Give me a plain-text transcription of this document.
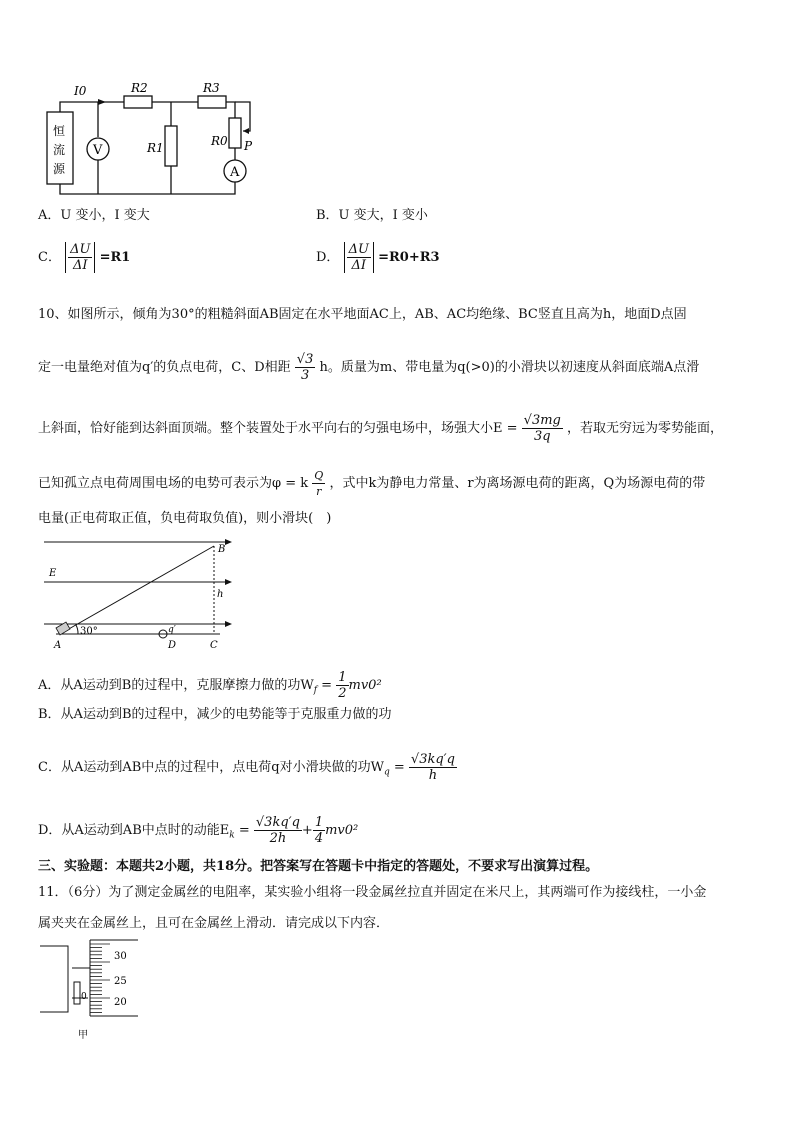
恒
流
源
I0	R2	R3
R1	R0 P
V
A
A．U 变小，I 变大	B．U 变大，I 变小
C． $\frac{\Delta U}{\Delta I} =R1$	D． $\frac{\Delta U}{\Delta I} =R0+R3$
10、如图所示，倾角为30°的粗糙斜面AB固定在水平地面AC上，AB、AC均绝缘、BC竖直且高为h，地面D点固
定一电量绝对值为q′的负点电荷，C、D相距 $\frac{√3}{3}$ h。质量为m、带电量为q(>0)的小滑块以初速度从斜面底端A点滑
上斜面，恰好能到达斜面顶端。整个装置处于水平向右的匀强电场中，场强大小$E = \frac{√3mg}{3q}$ ，若取无穷远为零势能面，
已知孤立点电荷周围电场的电势可表示为φ = k $\frac{Q}{r}$ ，式中k为静电力常量、r为离场源电荷的距离，Q为场源电荷的带
电量(正电荷取正值，负电荷取负值)，则小滑块(　)
E
B
h
30°	q′
A	D	C
A．从A运动到B的过程中，克服摩擦力做的功$W_f = \frac{1}{2} mv0^2$
B．从A运动到B的过程中，减少的电势能等于克服重力做的功
C．从A运动到AB中点的过程中，点电荷q对小滑块做的功$W_q = \frac{√3kq'q}{h}$
D．从A运动到AB中点时的动能$E_k = \frac{√3kq'q}{2h} + \frac{1}{4} mv0^2$
三、实验题：本题共2小题，共18分。把答案写在答题卡中指定的答题处，不要求写出演算过程。
11．（6分）为了测定金属丝的电阻率，某实验小组将一段金属丝拉直并固定在米尺上，其两端可作为接线柱，一小金
属夹夹在金属丝上，且可在金属丝上滑动．请完成以下内容．
30
25
20
0
甲
